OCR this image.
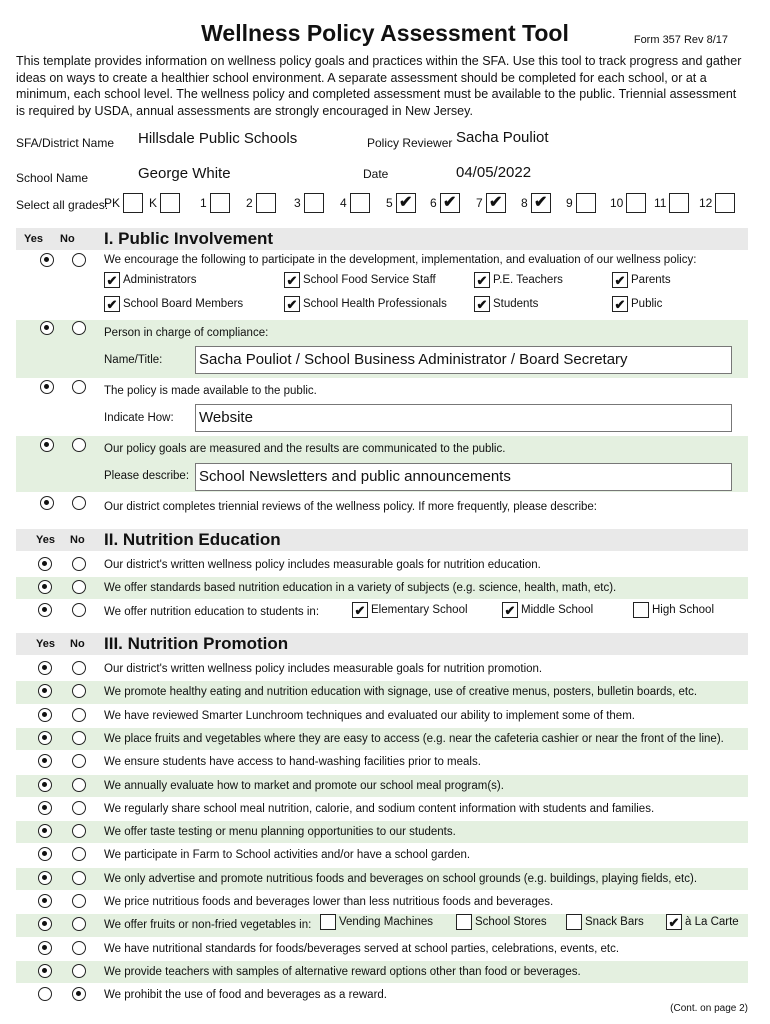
Wellness Policy Assessment Tool	Form 357 Rev 8/17
This template provides information on wellness policy goals and practices within the SFA. Use this tool to track progress and gather ideas on ways to create a healthier school environment. A separate assessment should be completed for each school, or at a minimum, each school level. The wellness policy and completed assessment must be available to the public. Triennial assessment is required by USDA, annual assessments are strongly encouraged in New Jersey.
SFA/District Name Hillsdale Public Schools	Policy Reviewer Sacha Pouliot
School Name	George White	Date	04/05/2022
Select all grades:
PK K	1	2	3	4	5 ✔ 6 ✔ 7 ✔ 8 ✔ 9	10	11	12
Yes No I. Public Involvement
We encourage the following to participate in the development, implementation, and evaluation of our wellness policy:
✔ Administrators	✔ School Food Service Staff	✔ P.E. Teachers	✔ Parents
✔ School Board Members	✔ School Health Professionals ✔ Students	✔ Public
Person in charge of compliance:
Name/Title: Sacha Pouliot / School Business Administrator / Board Secretary
The policy is made available to the public.
Indicate How: Website
Our policy goals are measured and the results are communicated to the public.
Please describe: School Newsletters and public announcements
Our district completes triennial reviews of the wellness policy. If more frequently, please describe:
Yes No II. Nutrition Education
Our district's written wellness policy includes measurable goals for nutrition education.
We offer standards based nutrition education in a variety of subjects (e.g. science, health, math, etc).
We offer nutrition education to students in:	✔ Elementary School	✔ Middle School	High School
Yes No III. Nutrition Promotion
Our district's written wellness policy includes measurable goals for nutrition promotion.
We promote healthy eating and nutrition education with signage, use of creative menus, posters, bulletin boards, etc.
We have reviewed Smarter Lunchroom techniques and evaluated our ability to implement some of them.
We place fruits and vegetables where they are easy to access (e.g. near the cafeteria cashier or near the front of the line).
We ensure students have access to hand-washing facilities prior to meals.
We annually evaluate how to market and promote our school meal program(s).
We regularly share school meal nutrition, calorie, and sodium content information with students and families.
We offer taste testing or menu planning opportunities to our students.
We participate in Farm to School activities and/or have a school garden.
We only advertise and promote nutritious foods and beverages on school grounds (e.g. buildings, playing fields, etc).
We price nutritious foods and beverages lower than less nutritious foods and beverages.
We offer fruits or non-fried vegetables in: Vending Machines	School Stores	Snack Bars ✔ à La Carte
We have nutritional standards for foods/beverages served at school parties, celebrations, events, etc.
We provide teachers with samples of alternative reward options other than food or beverages.
We prohibit the use of food and beverages as a reward.
(Cont. on page 2)
